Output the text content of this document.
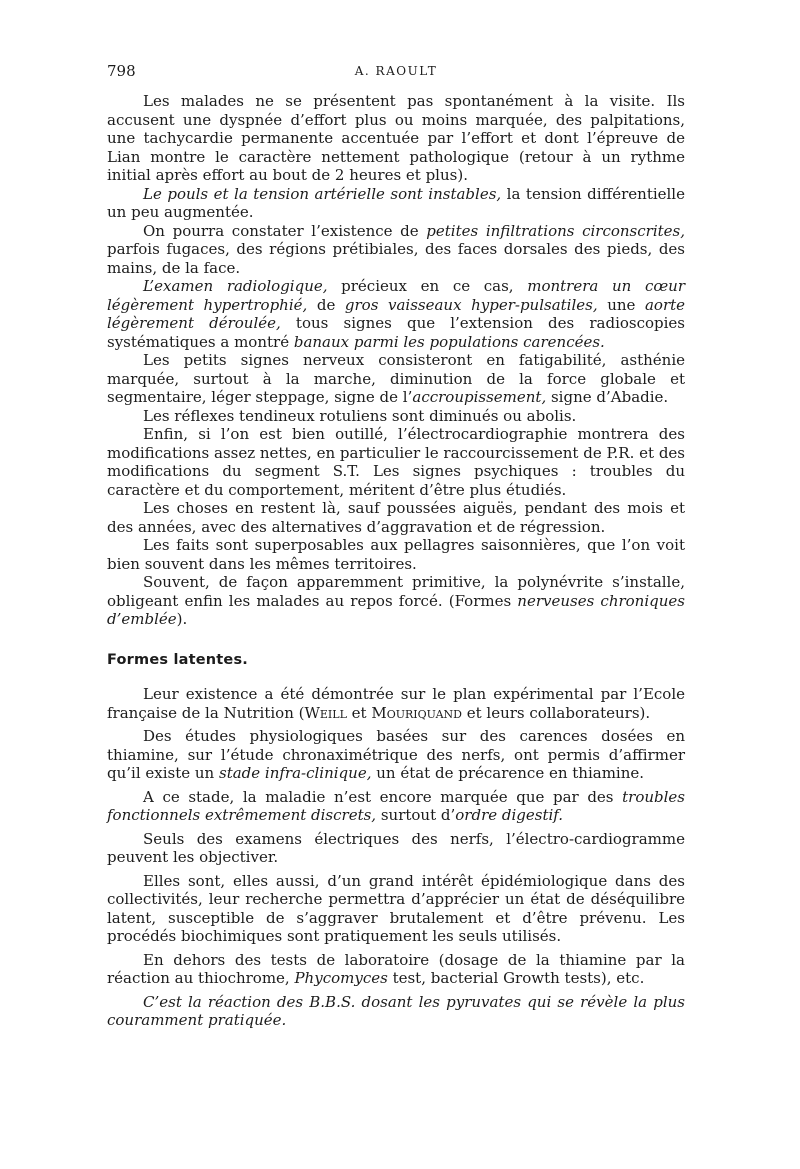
798	A. RAOULT

Les malades ne se présentent pas spontanément à la visite. Ils accusent une dyspnée d’effort plus ou moins marquée, des palpitations, une tachycardie permanente accentuée par l’effort et dont l’épreuve de Lian montre le caractère nettement pathologique (retour à un rythme initial après effort au bout de 2 heures et plus).

Le pouls et la tension artérielle sont instables, la tension différentielle un peu augmentée.

On pourra constater l’existence de petites infiltrations circonscrites, parfois fugaces, des régions prétibiales, des faces dorsales des pieds, des mains, de la face.

L’examen radiologique, précieux en ce cas, montrera un cœur légèrement hypertrophié, de gros vaisseaux hyper-pulsatiles, une aorte légèrement déroulée, tous signes que l’extension des radioscopies systématiques a montré banaux parmi les populations carencées.

Les petits signes nerveux consisteront en fatigabilité, asthénie marquée, surtout à la marche, diminution de la force globale et segmentaire, léger steppage, signe de l’accroupissement, signe d’Abadie.

Les réflexes tendineux rotuliens sont diminués ou abolis.

Enfin, si l’on est bien outillé, l’électrocardiographie montrera des modifications assez nettes, en particulier le raccourcissement de P.R. et des modifications du segment S.T. Les signes psychiques : troubles du caractère et du comportement, méritent d’être plus étudiés.

Les choses en restent là, sauf poussées aiguës, pendant des mois et des années, avec des alternatives d’aggravation et de régression.

Les faits sont superposables aux pellagres saisonnières, que l’on voit bien souvent dans les mêmes territoires.

Souvent, de façon apparemment primitive, la polynévrite s’installe, obligeant enfin les malades au repos forcé. (Formes nerveuses chroniques d’emblée).

Formes latentes.

Leur existence a été démontrée sur le plan expérimental par l’Ecole française de la Nutrition (Weill et Mouriquand et leurs collaborateurs).

Des études physiologiques basées sur des carences dosées en thiamine, sur l’étude chronaximétrique des nerfs, ont permis d’affirmer qu’il existe un stade infra-clinique, un état de précarence en thiamine.

A ce stade, la maladie n’est encore marquée que par des troubles fonctionnels extrêmement discrets, surtout d’ordre digestif.

Seuls des examens électriques des nerfs, l’électro-cardiogramme peuvent les objectiver.

Elles sont, elles aussi, d’un grand intérêt épidémiologique dans des collectivités, leur recherche permettra d’apprécier un état de déséquilibre latent, susceptible de s’aggraver brutalement et d’être prévenu. Les procédés biochimiques sont pratiquement les seuls utilisés.

En dehors des tests de laboratoire (dosage de la thiamine par la réaction au thiochrome, Phycomyces test, bacterial Growth tests), etc.

C’est la réaction des B.B.S. dosant les pyruvates qui se révèle la plus couramment pratiquée.
